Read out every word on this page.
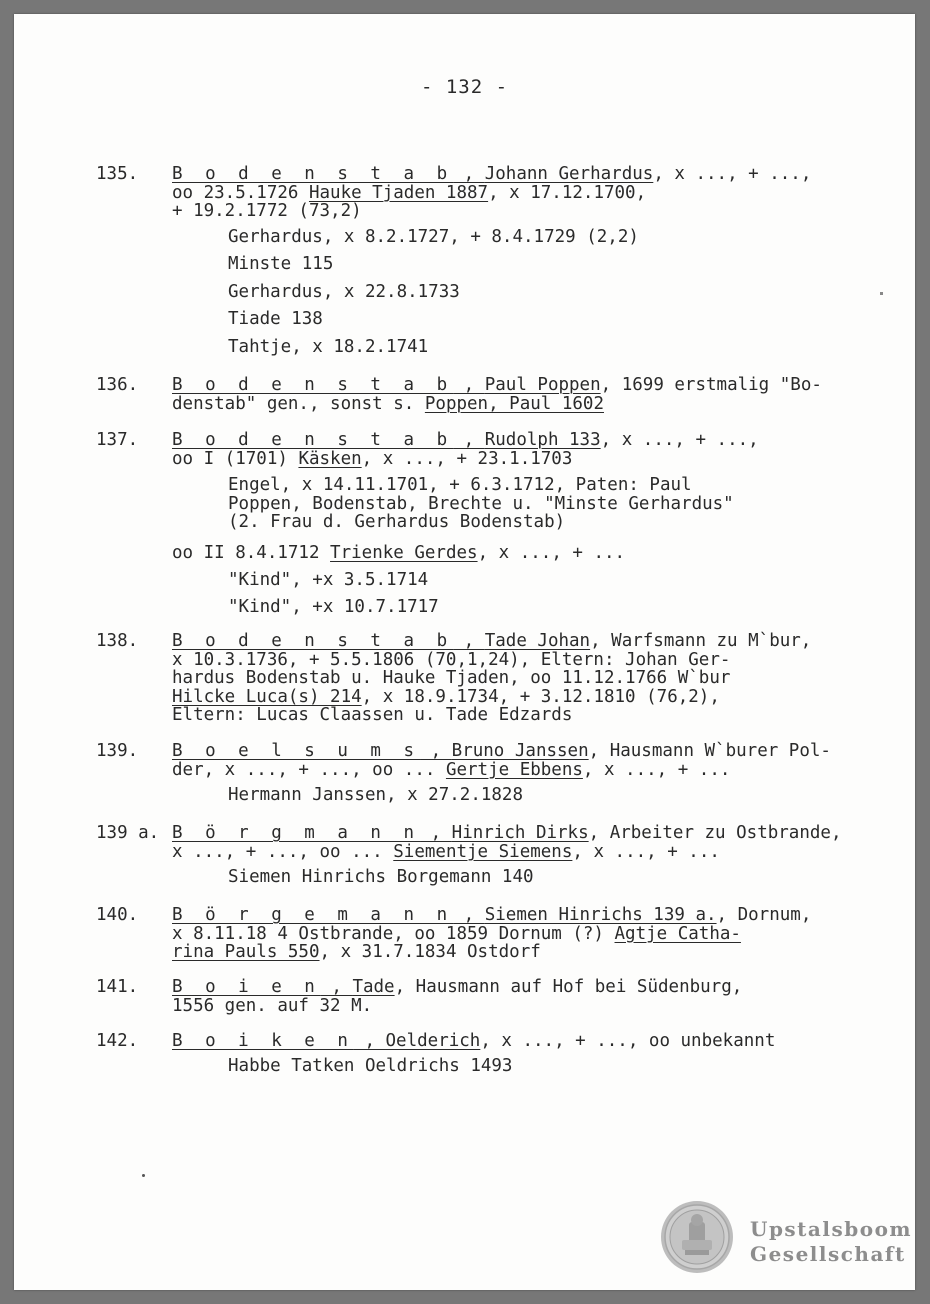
- 132 -
135. B o d e n s t a b , Johann Gerhardus, x ..., + ...,
oo 23.5.1726 Hauke Tjaden 1887, x 17.12.1700,
+ 19.2.1772 (73,2)
Gerhardus, x 8.2.1727, + 8.4.1729 (2,2)
Minste 115
Gerhardus, x 22.8.1733
Tiade 138
Tahtje, x 18.2.1741
136. B o d e n s t a b , Paul Poppen, 1699 erstmalig "Bo-
denstab" gen., sonst s. Poppen, Paul 1602
137. B o d e n s t a b , Rudolph 133, x ..., + ...,
oo I (1701) Käsken, x ..., + 23.1.1703
Engel, x 14.11.1701, + 6.3.1712, Paten: Paul
Poppen, Bodenstab, Brechte u. "Minste Gerhardus"
(2. Frau d. Gerhardus Bodenstab)
oo II 8.4.1712 Trienke Gerdes, x ..., + ...
"Kind", +x 3.5.1714
"Kind", +x 10.7.1717
138. B o d e n s t a b , Tade Johan, Warfsmann zu M`bur,
x 10.3.1736, + 5.5.1806 (70,1,24), Eltern: Johan Ger-
hardus Bodenstab u. Hauke Tjaden, oo 11.12.1766 W`bur
Hilcke Luca(s) 214, x 18.9.1734, + 3.12.1810 (76,2),
Eltern: Lucas Claassen u. Tade Edzards
139. B o e l s u m s , Bruno Janssen, Hausmann W`burer Pol-
der, x ..., + ..., oo ... Gertje Ebbens, x ..., + ...
Hermann Janssen, x 27.2.1828
139 a. B ö r g m a n n , Hinrich Dirks, Arbeiter zu Ostbrande,
x ..., + ..., oo ... Siementje Siemens, x ..., + ...
Siemen Hinrichs Borgemann 140
140. B ö r g e m a n n , Siemen Hinrichs 139 a., Dornum,
x 8.11.18 4 Ostbrande, oo 1859 Dornum (?) Agtje Catha-
rina Pauls 550, x 31.7.1834 Ostdorf
141. B o i e n , Tade, Hausmann auf Hof bei Südenburg,
1556 gen. auf 32 M.
142. B o i k e n , Oelderich, x ..., + ..., oo unbekannt
Habbe Tatken Oeldrichs 1493
Upstalsboom
Gesellschaft
